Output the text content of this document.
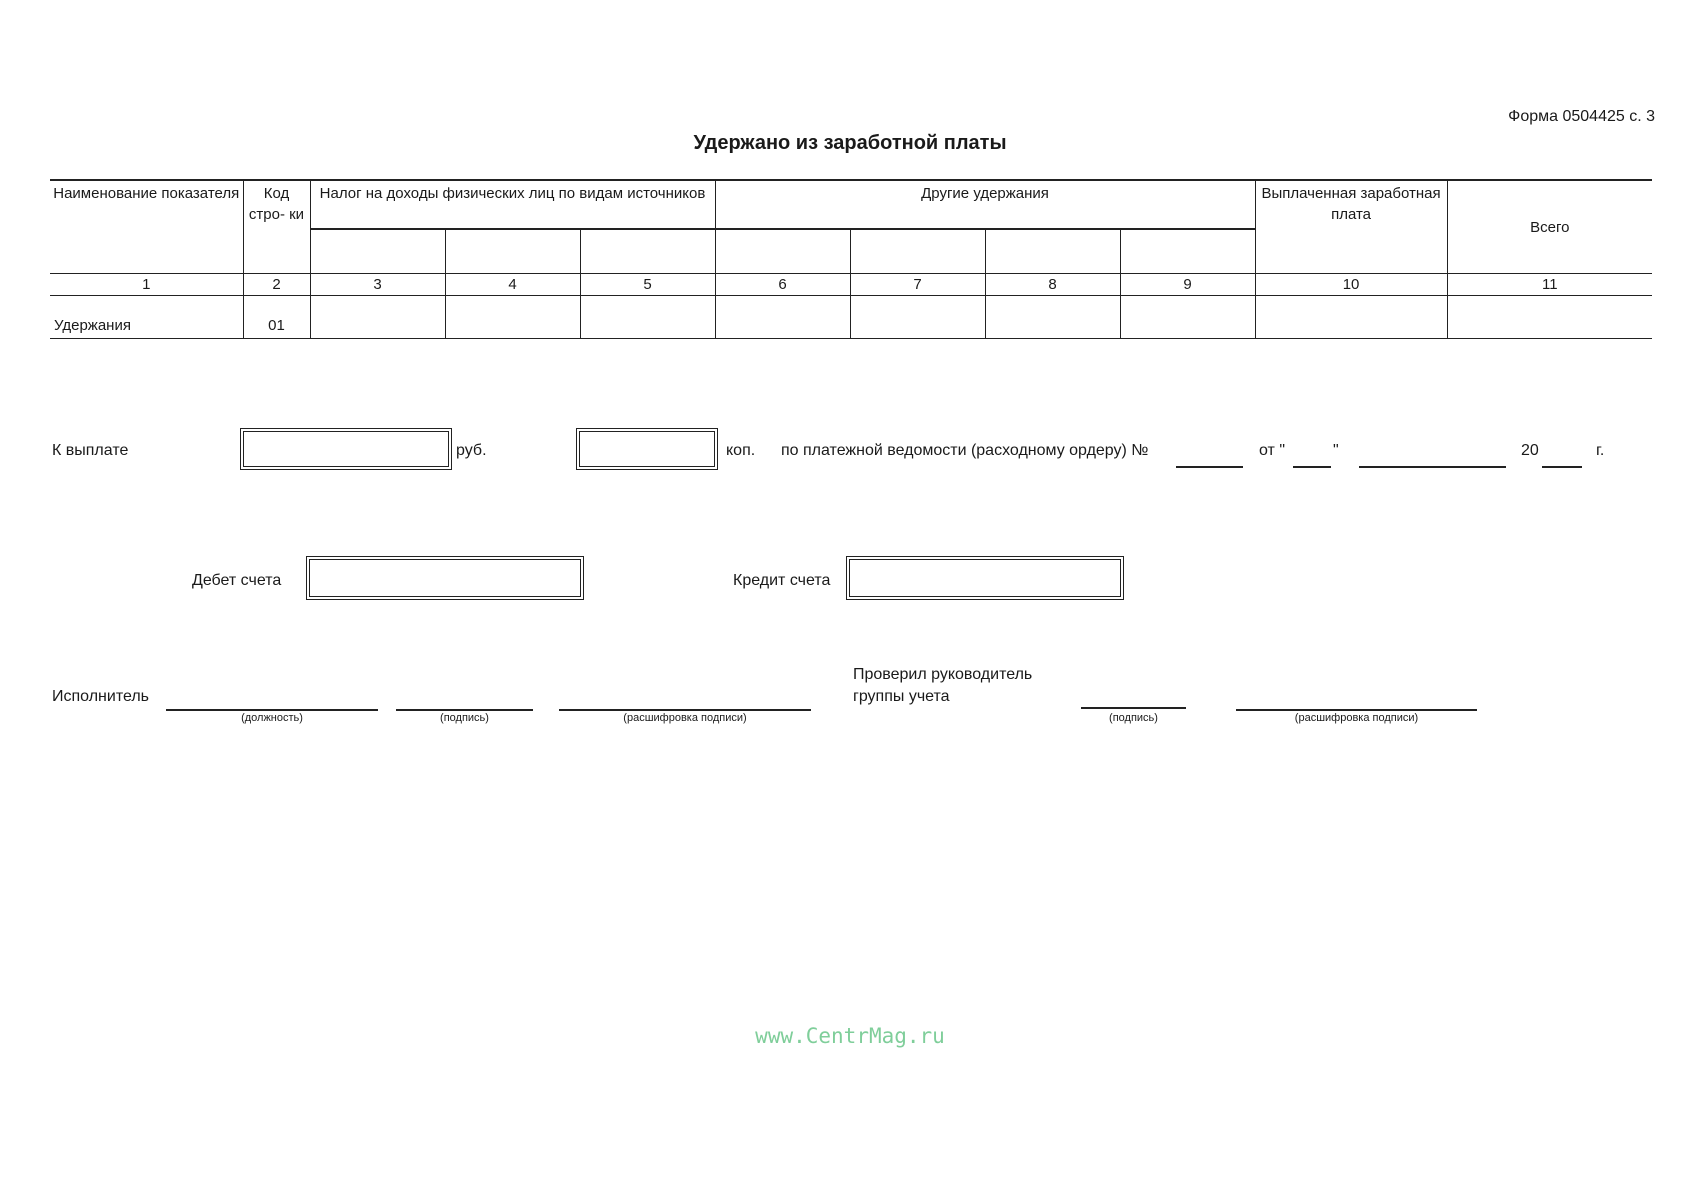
Форма 0504425 с. 3
Удержано из заработной платы
Наименование показателя	Код стро- ки	Налог на доходы физических лиц по видам источников			Другие удержания				Выплаченная заработная плата	Всего

1	2	3	4	5	6	7	8	9	10	11
Удержания	01									
К выплате	руб.	коп. по платежной ведомости (расходному ордеру) №	от "	"	20	г.
Дебет счета	Кредит счета
Исполнитель
(должность)	(подпись)	(расшифровка подписи)
Проверил руководитель
группы учета
(подпись)	(расшифровка подписи)
www.CentrMag.ru
